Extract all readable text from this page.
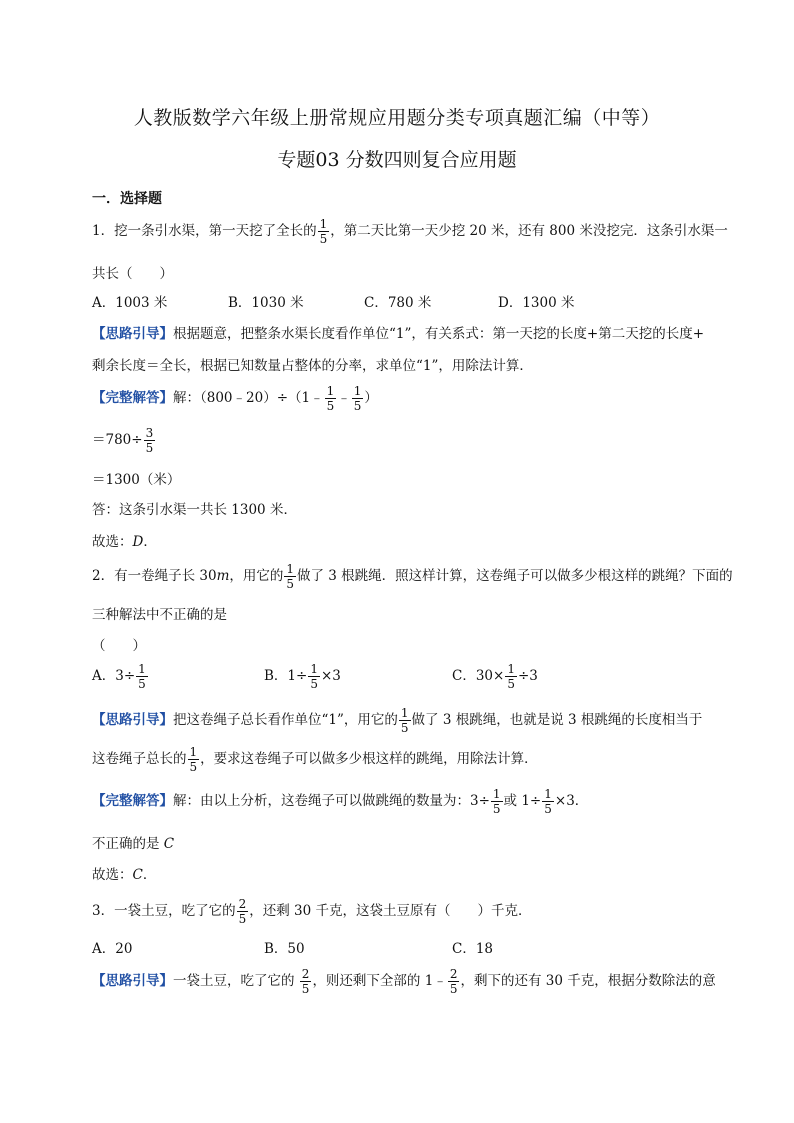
人教版数学六年级上册常规应用题分类专项真题汇编（中等）
专题03 分数四则复合应用题
一．选择题
1．挖一条引水渠，第一天挖了全长的 $\frac{1}{5}$ ，第二天比第一天少挖 20 米，还有 800 米没挖完．这条引水渠一
共长（　　）
A．1003 米	B．1030 米	C．780 米	D．1300 米
【思路引导】根据题意，把整条水渠长度看作单位“1”，有关系式：第一天挖的长度+第二天挖的长度+
剩余长度＝全长，根据已知数量占整体的分率，求单位“1”，用除法计算．
【完整解答】解：（800﹣20）÷（1﹣ $\frac{1}{5}$ ﹣ $\frac{1}{5}$ ）
$=780\div \frac{3}{5}$
＝1300（米）
答：这条引水渠一共长 1300 米．
故选：D．
2．有一卷绳子长 30m，用它的 $\frac{1}{5}$ 做了 3 根跳绳．照这样计算，这卷绳子可以做多少根这样的跳绳？下面的
三种解法中不正确的是
（　　）
A．$3\div \frac{1}{5}$	B．$1\div \frac{1}{5} \times 3$	C．$30\times \frac{1}{5} \div 3$
【思路引导】把这卷绳子总长看作单位“1”，用它的 $\frac{1}{5}$ 做了 3 根跳绳，也就是说 3 根跳绳的长度相当于
这卷绳子总长的 $\frac{1}{5}$ ，要求这卷绳子可以做多少根这样的跳绳，用除法计算．
【完整解答】解：由以上分析，这卷绳子可以做跳绳的数量为：$3\div \frac{1}{5}$ 或 $1\div \frac{1}{5} \times 3$．
不正确的是 C
故选：C．
3．一袋土豆，吃了它的 $\frac{2}{5}$ ，还剩 30 千克，这袋土豆原有（　　）千克．
A．20	B．50	C．18
【思路引导】一袋土豆，吃了它的 $\frac{2}{5}$ ，则还剩下全部的 1﹣ $\frac{2}{5}$ ，剩下的还有 30 千克，根据分数除法的意
